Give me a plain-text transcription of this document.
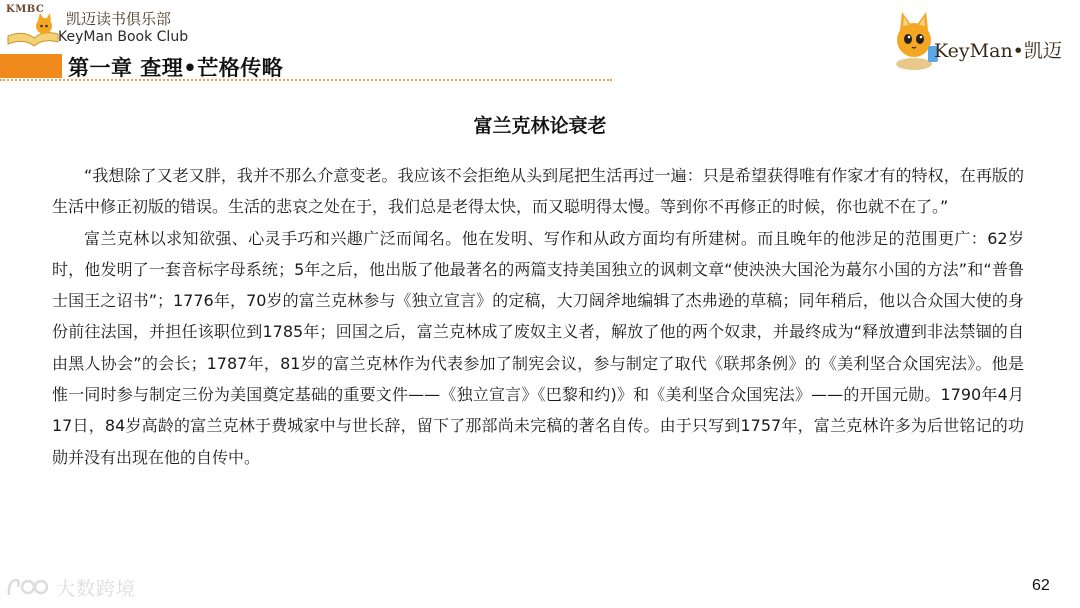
KMBC
凯迈读书俱乐部
KeyMan Book Club
第一章 查理•芒格传略
KeyMan•凯迈
富兰克林论衰老

“我想除了又老又胖，我并不那么介意变老。我应该不会拒绝从头到尾把生活再过一遍：只是希望获得唯有作家才有的特权，在再版的生活中修正初版的错误。生活的悲哀之处在于，我们总是老得太快，而又聪明得太慢。等到你不再修正的时候，你也就不在了。”

富兰克林以求知欲强、心灵手巧和兴趣广泛而闻名。他在发明、写作和从政方面均有所建树。而且晚年的他涉足的范围更广：62岁时，他发明了一套音标字母系统；5年之后，他出版了他最著名的两篇支持美国独立的讽刺文章“使泱泱大国沦为蕞尔小国的方法”和“普鲁士国王之诏书”；1776年，70岁的富兰克林参与《独立宣言》的定稿，大刀阔斧地编辑了杰弗逊的草稿；同年稍后，他以合众国大使的身份前往法国，并担任该职位到1785年；回国之后，富兰克林成了废奴主义者，解放了他的两个奴隶，并最终成为“释放遭到非法禁锢的自由黑人协会”的会长；1787年，81岁的富兰克林作为代表参加了制宪会议，参与制定了取代《联邦条例》的《美利坚合众国宪法》。他是惟一同时参与制定三份为美国奠定基础的重要文件——《独立宣言》《巴黎和约)》和《美利坚合众国宪法》——的开国元勋。1790年4月17日，84岁高龄的富兰克林于费城家中与世长辞，留下了那部尚未完稿的著名自传。由于只写到1757年，富兰克林许多为后世铭记的功勋并没有出现在他的自传中。

大数跨境	62
